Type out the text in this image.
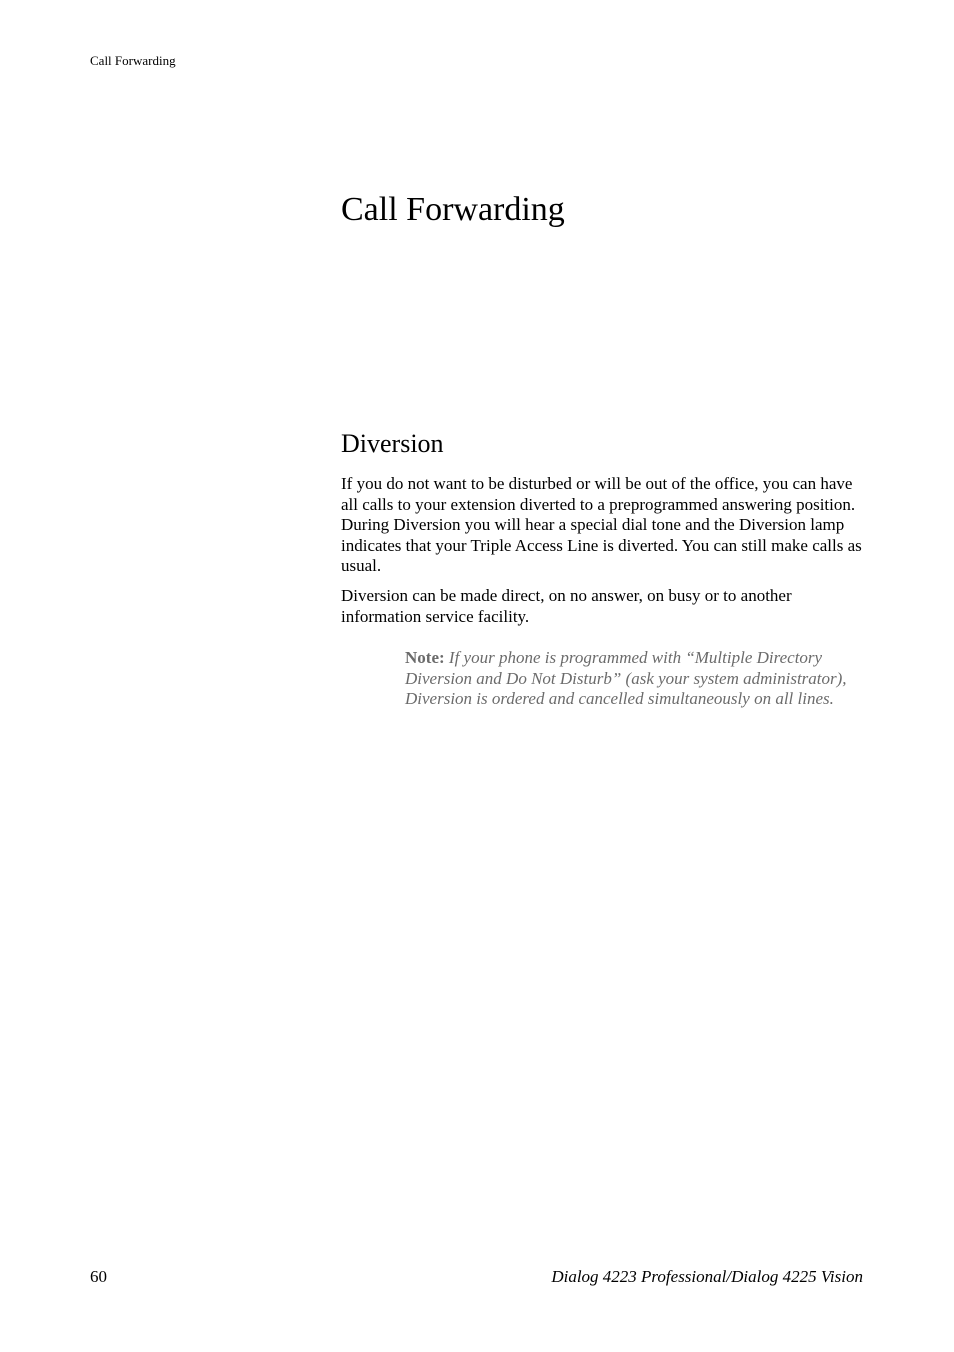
Call Forwarding
Call Forwarding
Diversion

If you do not want to be disturbed or will be out of the office, you can have all calls to your extension diverted to a preprogrammed answering position. During Diversion you will hear a special dial tone and the Diversion lamp indicates that your Triple Access Line is diverted. You can still make calls as usual.

Diversion can be made direct, on no answer, on busy or to another information service facility.

Note: If your phone is programmed with “Multiple Directory Diversion and Do Not Disturb” (ask your system administrator), Diversion is ordered and cancelled simultaneously on all lines.

60	Dialog 4223 Professional/Dialog 4225 Vision
